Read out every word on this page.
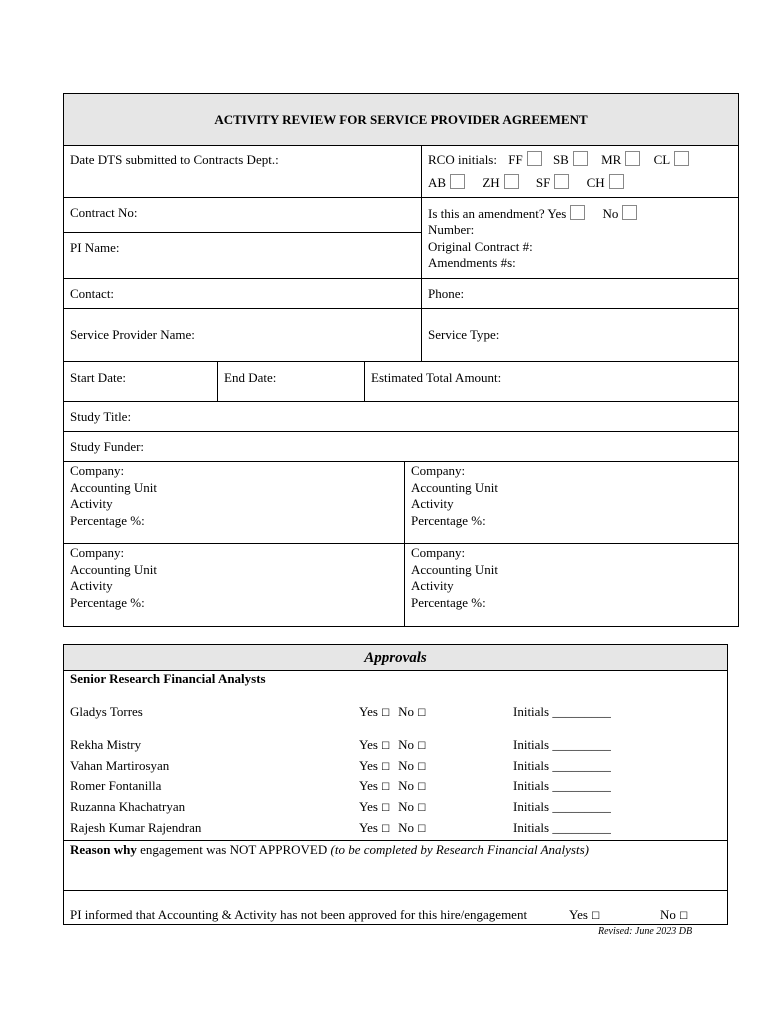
ACTIVITY REVIEW FOR SERVICE PROVIDER AGREEMENT
Date DTS submitted to Contracts Dept.:	RCO initials: FF SB MR CL
AB	ZH	SF	CH
Contract No:
PI Name:
Is this an amendment? Yes	No
Number:
Original Contract #:
Amendments #s:
Contact:	Phone:
Service Provider Name:	Service Type:
Start Date:	End Date:	Estimated Total Amount:
Study Title:
Study Funder:
Company:
Accounting Unit
Activity
Percentage %:
Company:
Accounting Unit
Activity
Percentage %:
Company:
Accounting Unit
Activity
Percentage %:
Company:
Accounting Unit
Activity
Percentage %:
Approvals
Senior Research Financial Analysts
Gladys Torres	Yes ☐ No ☐	Initials _________
Rekha Mistry	Yes ☐ No ☐	Initials _________
Vahan Martirosyan	Yes ☐ No ☐	Initials _________
Romer Fontanilla	Yes ☐ No ☐	Initials _________
Ruzanna Khachatryan	Yes ☐ No ☐	Initials _________
Rajesh Kumar Rajendran	Yes ☐ No ☐	Initials _________
Reason why engagement was NOT APPROVED (to be completed by Research Financial Analysts)
PI informed that Accounting & Activity has not been approved for this hire/engagement	Yes ☐	No ☐
Revised: June 2023 DB
